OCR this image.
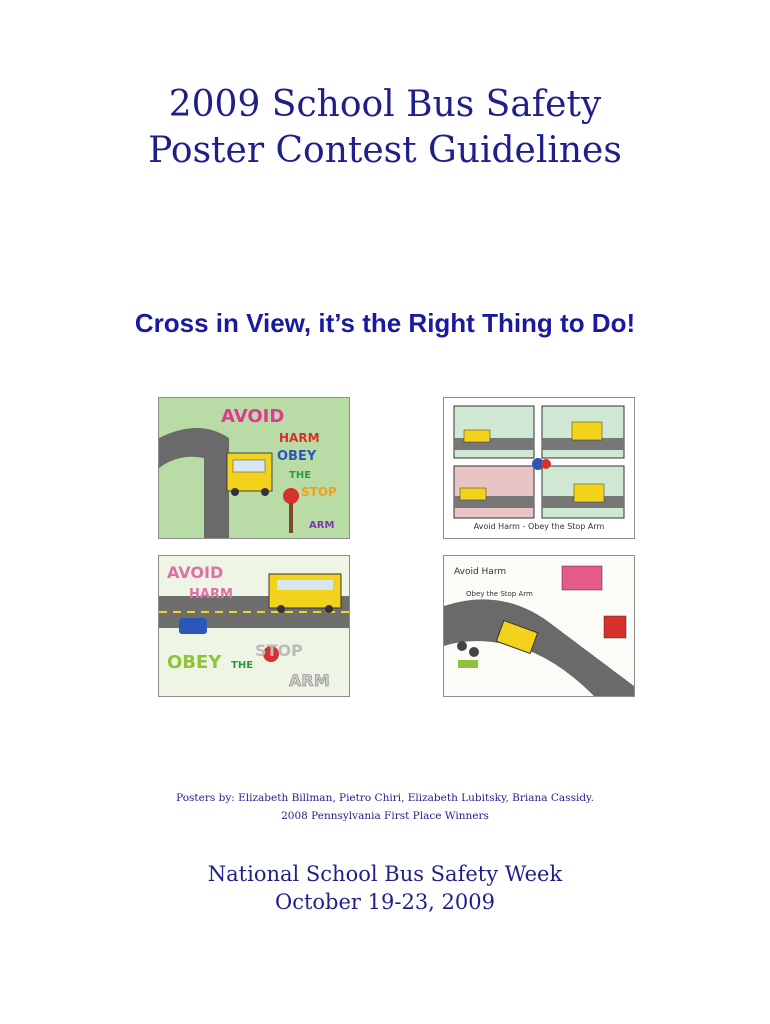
2009 School Bus Safety
Poster Contest Guidelines
Cross in View, it’s the Right Thing to Do!
AVOID
HARM
OBEY
THE
STOP
ARM	Avoid Harm - Obey the Stop Arm
AVOID
HARM
OBEY THE
STOP
ARM
Avoid Harm
Obey the Stop Arm
Posters by: Elizabeth Billman, Pietro Chiri, Elizabeth Lubitsky, Briana Cassidy.
2008 Pennsylvania First Place Winners
National School Bus Safety Week
October 19-23, 2009
